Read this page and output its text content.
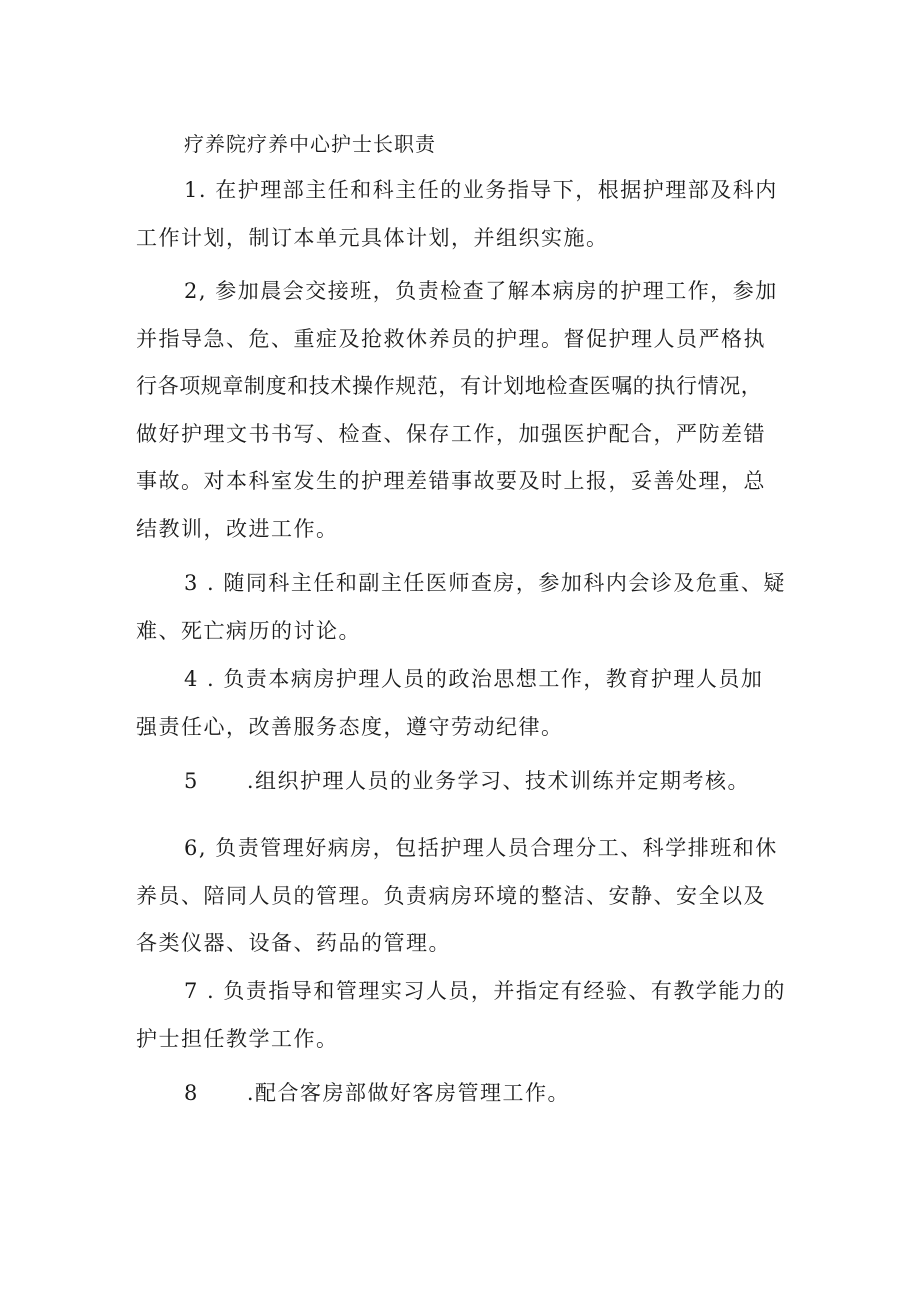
疗养院疗养中心护士长职责
1. 在护理部主任和科主任的业务指导下，根据护理部及科内
工作计划，制订本单元具体计划，并组织实施。
2, 参加晨会交接班，负责检查了解本病房的护理工作，参加
并指导急、危、重症及抢救休养员的护理。督促护理人员严格执
行各项规章制度和技术操作规范，有计划地检查医嘱的执行情况，
做好护理文书书写、检查、保存工作，加强医护配合，严防差错
事故。对本科室发生的护理差错事故要及时上报，妥善处理，总
结教训，改进工作。
3 . 随同科主任和副主任医师查房，参加科内会诊及危重、疑
难、死亡病历的讨论。
4 . 负责本病房护理人员的政治思想工作，教育护理人员加
强责任心，改善服务态度，遵守劳动纪律。
5 .组织护理人员的业务学习、技术训练并定期考核。
6, 负责管理好病房，包括护理人员合理分工、科学排班和休
养员、陪同人员的管理。负责病房环境的整洁、安静、安全以及
各类仪器、设备、药品的管理。
7 . 负责指导和管理实习人员，并指定有经验、有教学能力的
护士担任教学工作。
8 .配合客房部做好客房管理工作。
